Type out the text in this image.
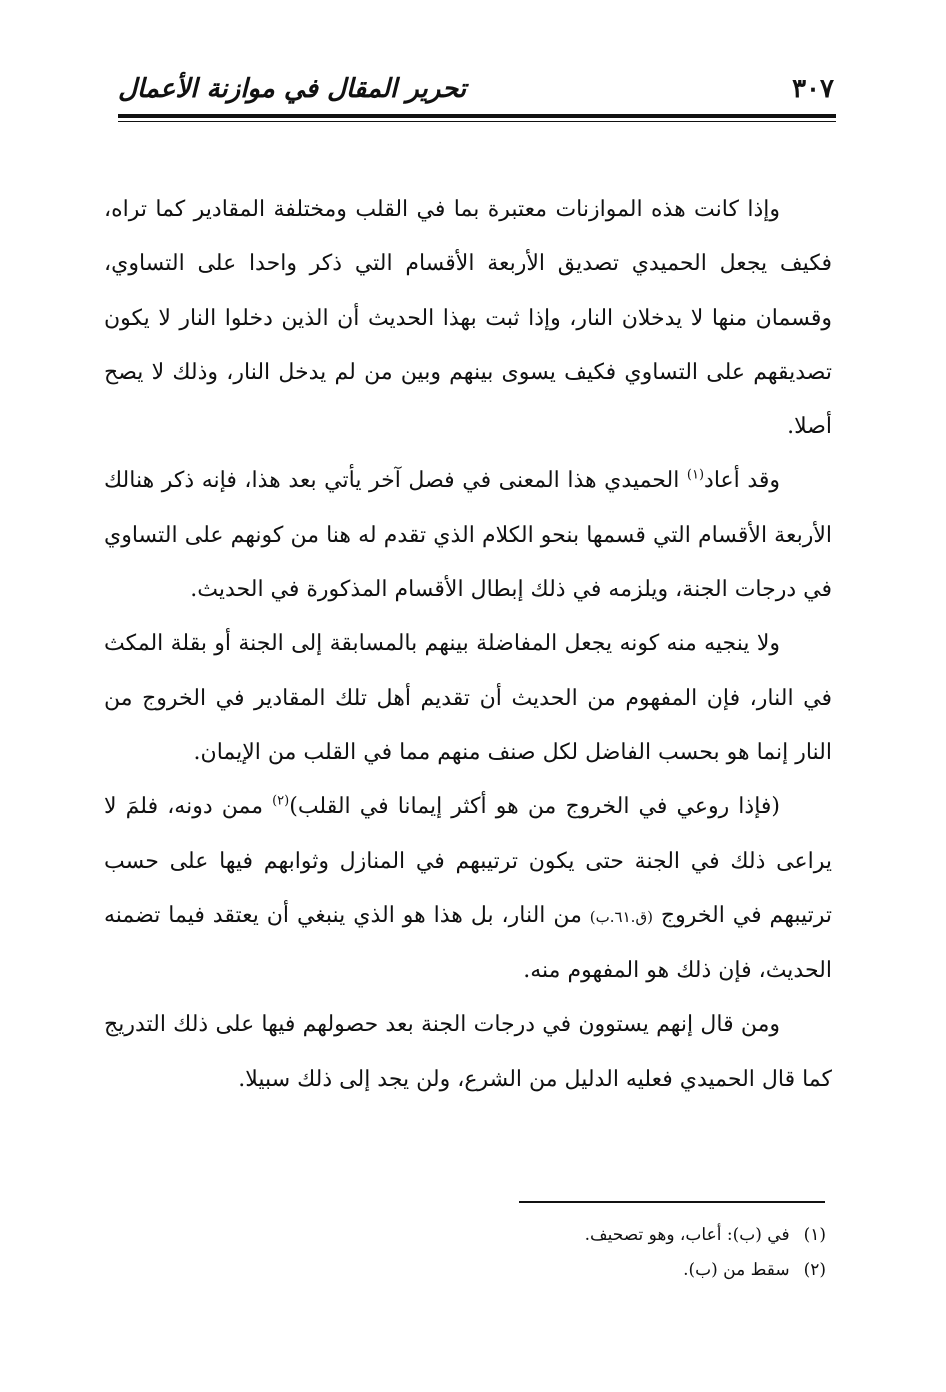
٣٠٧
تحرير المقال في موازنة الأعمال

وإذا كانت هذه الموازنات معتبرة بما في القلب ومختلفة المقادير كما تراه، فكيف يجعل الحميدي تصديق الأربعة الأقسام التي ذكر واحدا على التساوي، وقسمان منها لا يدخلان النار، وإذا ثبت بهذا الحديث أن الذين دخلوا النار لا يكون تصديقهم على التساوي فكيف يسوى بينهم وبين من لم يدخل النار، وذلك لا يصح أصلا.

وقد أعاد$^{(١)}$ الحميدي هذا المعنى في فصل آخر يأتي بعد هذا، فإنه ذكر هنالك الأربعة الأقسام التي قسمها بنحو الكلام الذي تقدم له هنا من كونهم على التساوي في درجات الجنة، ويلزمه في ذلك إبطال الأقسام المذكورة في الحديث.

ولا ينجيه منه كونه يجعل المفاضلة بينهم بالمسابقة إلى الجنة أو بقلة المكث في النار، فإن المفهوم من الحديث أن تقديم أهل تلك المقادير في الخروج من النار إنما هو بحسب الفاضل لكل صنف منهم مما في القلب من الإيمان.

(فإذا روعي في الخروج من هو أكثر إيمانا في القلب)$^{(٢)}$ ممن دونه، فلمَ لا يراعى ذلك في الجنة حتى يكون ترتيبهم في المنازل وثوابهم فيها على حسب ترتيبهم في الخروج (ق.٦١.ب) من النار، بل هذا هو الذي ينبغي أن يعتقد فيما تضمنه الحديث، فإن ذلك هو المفهوم منه.

ومن قال إنهم يستوون في درجات الجنة بعد حصولهم فيها على ذلك التدريج كما قال الحميدي فعليه الدليل من الشرع، ولن يجد إلى ذلك سبيلا.

(١)في (ب): أعاب، وهو تصحيف.

(٢)سقط من (ب).
